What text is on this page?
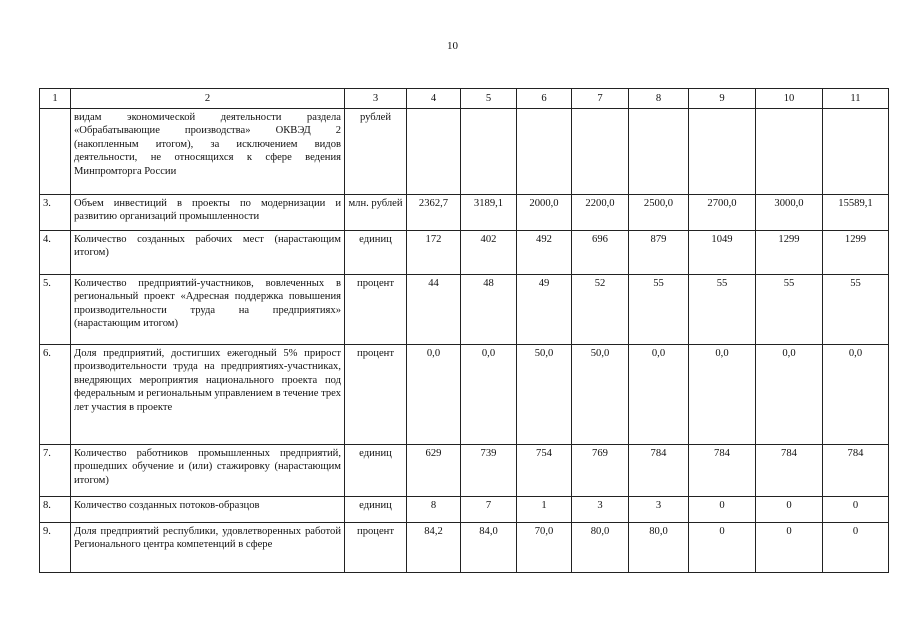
10
1	2	3	4	5	6	7	8	9	10	11
	видам экономической деятельности раздела «Обрабатывающие производства» ОКВЭД 2 (накопленным итогом), за исключением видов деятельности, не относящихся к сфере ведения Минпромторга России	рублей								
3.	Объем инвестиций в проекты по модернизации и развитию организаций промышленности	млн. рублей	2362,7	3189,1	2000,0	2200,0	2500,0	2700,0	3000,0	15589,1
4.	Количество созданных рабочих мест (нарастающим итогом)	единиц	172	402	492	696	879	1049	1299	1299
5.	Количество предприятий-участников, вовлеченных в региональный проект «Адресная поддержка повышения производительности труда на предприятиях» (нарастающим итогом)	процент	44	48	49	52	55	55	55	55
6.	Доля предприятий, достигших ежегодный 5% прирост производительности труда на предприятиях-участниках, внедряющих мероприятия национального проекта под федеральным и региональным управлением в течение трех лет участия в проекте	процент	0,0	0,0	50,0	50,0	0,0	0,0	0,0	0,0
7.	Количество работников промышленных предприятий, прошедших обучение и (или) стажировку (нарастающим итогом)	единиц	629	739	754	769	784	784	784	784
8.	Количество созданных потоков-образцов	единиц	8	7	1	3	3	0	0	0
9.	Доля предприятий республики, удовлетворенных работой Регионального центра компетенций в сфере	процент	84,2	84,0	70,0	80,0	80,0	0	0	0
